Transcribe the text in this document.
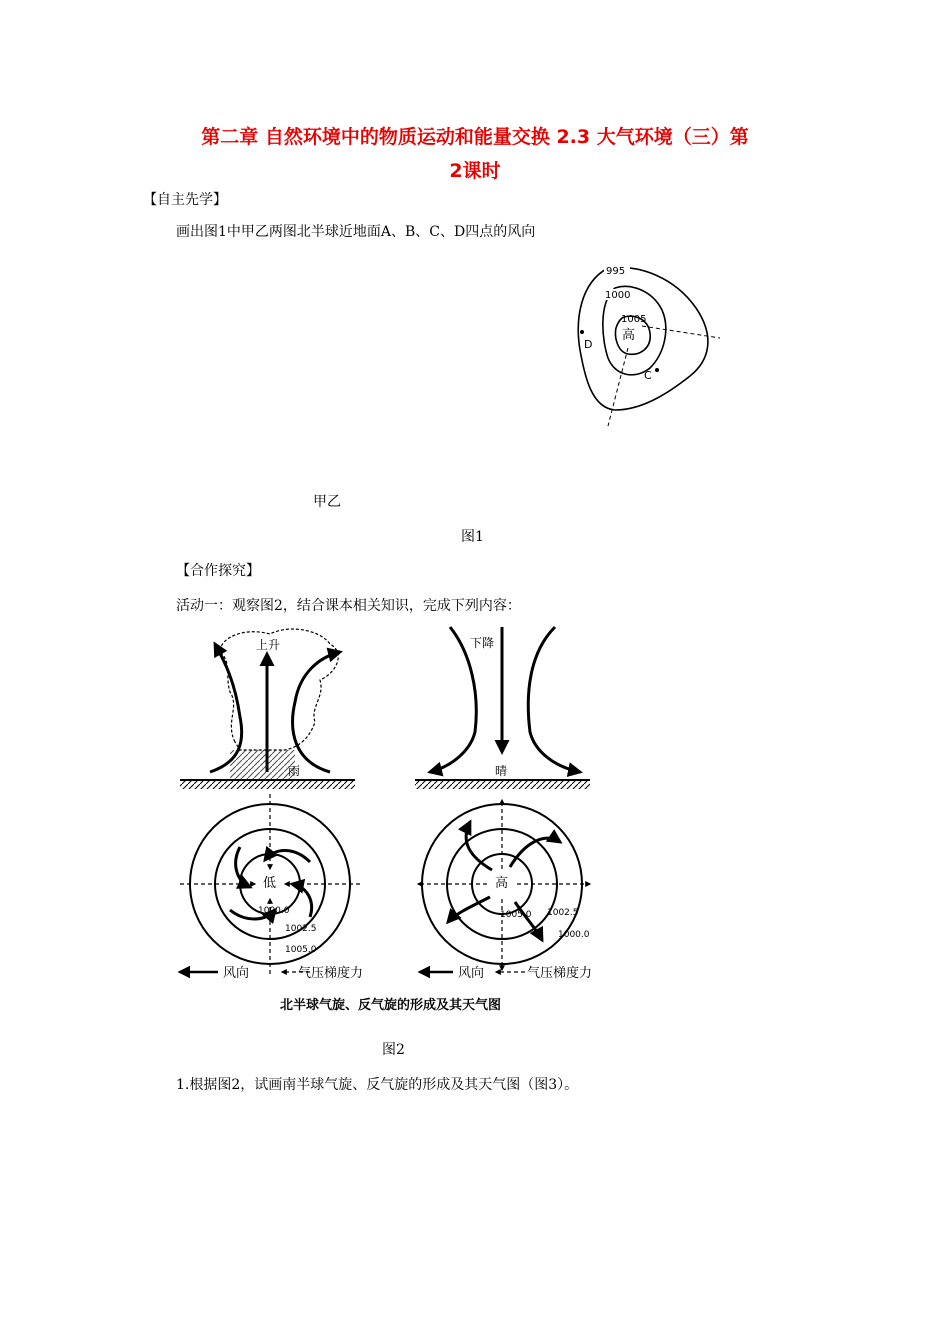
第二章 自然环境中的物质运动和能量交换 2.3 大气环境（三）第
2课时
【自主先学】
画出图1中甲乙两图北半球近地面A、B、C、D四点的风向
995
1000
1005
高
D
C
甲乙
图1
【合作探究】
活动一：观察图2，结合课本相关知识，完成下列内容：
上升
雨
下降
晴
低
1000.0
1002.5
1005.0
高
1005.0 1002.5
1000.0
风向	气压梯度力	风向	气压梯度力
北半球气旋、反气旋的形成及其天气图
图2
1.根据图2，试画南半球气旋、反气旋的形成及其天气图（图3）。
